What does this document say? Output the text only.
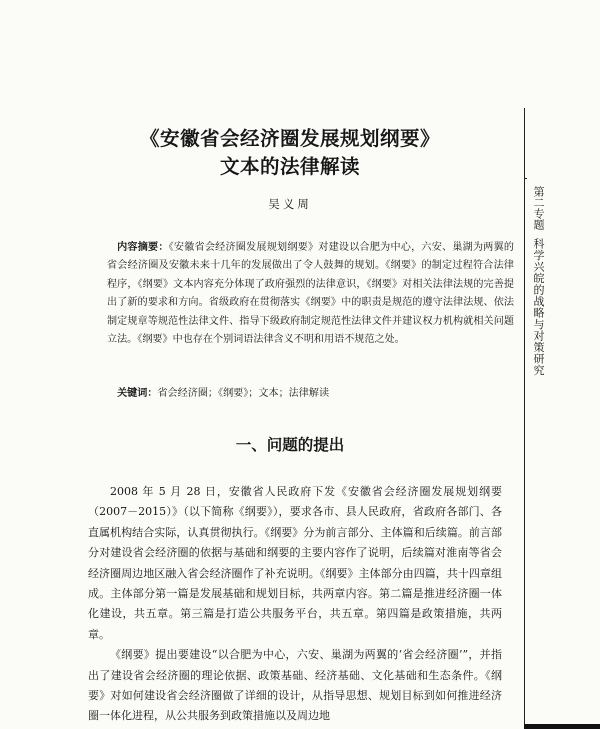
《安徽省会经济圈发展规划纲要》
文本的法律解读
吴义周

内容摘要：《安徽省会经济圈发展规划纲要》对建设以合肥为中心，六安、巢湖为两翼的省会经济圈及安徽未来十几年的发展做出了令人鼓舞的规划。《纲要》的制定过程符合法律程序，《纲要》文本内容充分体现了政府强烈的法律意识，《纲要》对相关法律法规的完善提出了新的要求和方向。省级政府在贯彻落实《纲要》中的职责是规范的遵守法律法规、依法制定规章等规范性法律文件、指导下级政府制定规范性法律文件并建议权力机构就相关问题立法。《纲要》中也存在个别词语法律含义不明和用语不规范之处。

关键词：省会经济圈；《纲要》；文本；法律解读

一、问题的提出

2008 年 5 月 28 日，安徽省人民政府下发《安徽省会经济圈发展规划纲要（2007－2015）》（以下简称《纲要》），要求各市、县人民政府，省政府各部门、各直属机构结合实际，认真贯彻执行。《纲要》分为前言部分、主体篇和后续篇。前言部分对建设省会经济圈的依据与基础和纲要的主要内容作了说明，后续篇对淮南等省会经济圈周边地区融入省会经济圈作了补充说明。《纲要》主体部分由四篇，共十四章组成。主体部分第一篇是发展基础和规划目标，共两章内容。第二篇是推进经济圈一体化建设，共五章。第三篇是打造公共服务平台，共五章。第四篇是政策措施，共两章。

《纲要》提出要建设“以合肥为中心，六安、巢湖为两翼的‘省会经济圈’”，并指出了建设省会经济圈的理论依据、政策基础、经济基础、文化基础和生态条件。《纲要》对如何建设省会经济圈做了详细的设计，从指导思想、规划目标到如何推进经济圈一体化进程，从公共服务到政策措施以及周边地

第二专题科学兴皖的战略与对策研究
